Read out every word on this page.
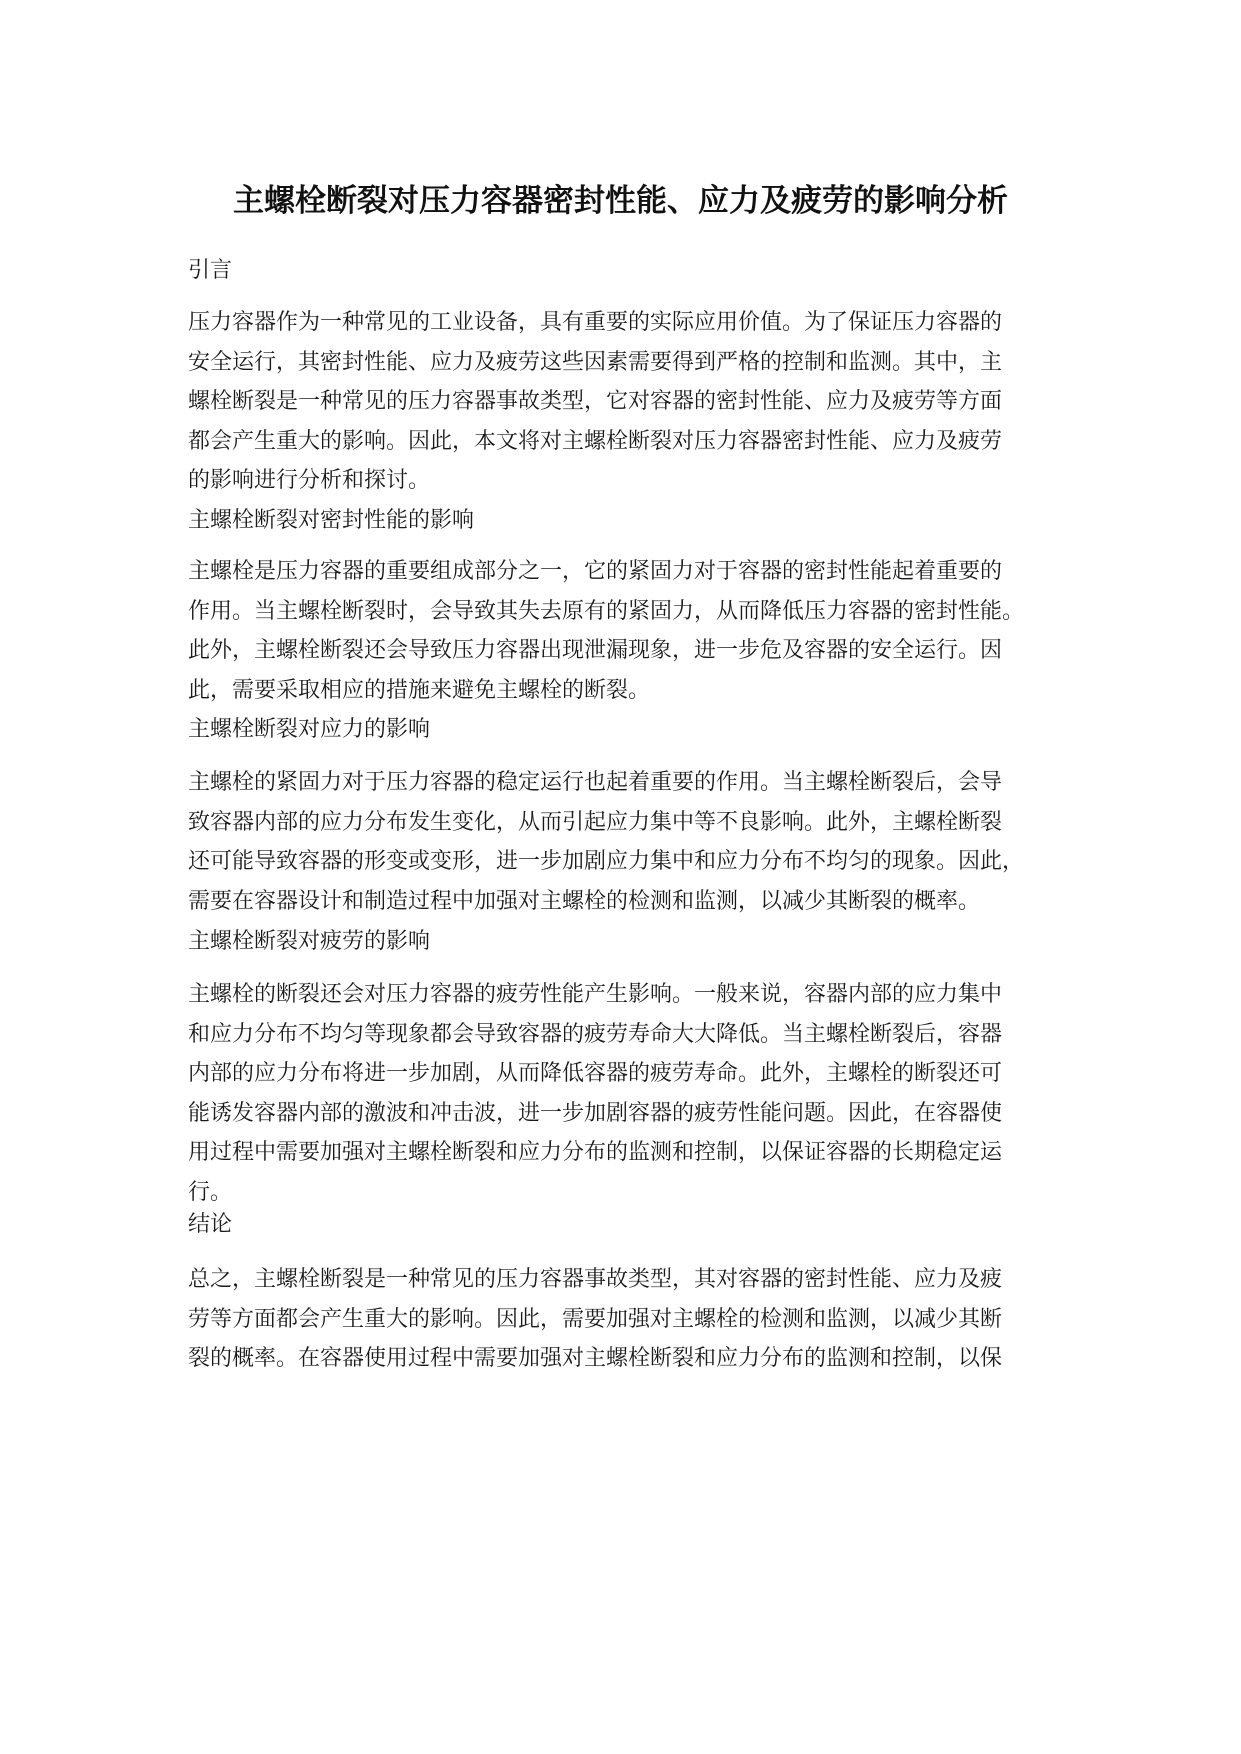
主螺栓断裂对压力容器密封性能、应力及疲劳的影响分析
引言

压力容器作为一种常见的工业设备，具有重要的实际应用价值。为了保证压力容器的
安全运行，其密封性能、应力及疲劳这些因素需要得到严格的控制和监测。其中，主
螺栓断裂是一种常见的压力容器事故类型，它对容器的密封性能、应力及疲劳等方面
都会产生重大的影响。因此，本文将对主螺栓断裂对压力容器密封性能、应力及疲劳
的影响进行分析和探讨。

主螺栓断裂对密封性能的影响

主螺栓是压力容器的重要组成部分之一，它的紧固力对于容器的密封性能起着重要的
作用。当主螺栓断裂时，会导致其失去原有的紧固力，从而降低压力容器的密封性能。
此外，主螺栓断裂还会导致压力容器出现泄漏现象，进一步危及容器的安全运行。因
此，需要采取相应的措施来避免主螺栓的断裂。

主螺栓断裂对应力的影响

主螺栓的紧固力对于压力容器的稳定运行也起着重要的作用。当主螺栓断裂后，会导
致容器内部的应力分布发生变化，从而引起应力集中等不良影响。此外，主螺栓断裂
还可能导致容器的形变或变形，进一步加剧应力集中和应力分布不均匀的现象。因此，
需要在容器设计和制造过程中加强对主螺栓的检测和监测，以减少其断裂的概率。

主螺栓断裂对疲劳的影响

主螺栓的断裂还会对压力容器的疲劳性能产生影响。一般来说，容器内部的应力集中
和应力分布不均匀等现象都会导致容器的疲劳寿命大大降低。当主螺栓断裂后，容器
内部的应力分布将进一步加剧，从而降低容器的疲劳寿命。此外，主螺栓的断裂还可
能诱发容器内部的激波和冲击波，进一步加剧容器的疲劳性能问题。因此，在容器使
用过程中需要加强对主螺栓断裂和应力分布的监测和控制，以保证容器的长期稳定运
行。

结论

总之，主螺栓断裂是一种常见的压力容器事故类型，其对容器的密封性能、应力及疲
劳等方面都会产生重大的影响。因此，需要加强对主螺栓的检测和监测，以减少其断
裂的概率。在容器使用过程中需要加强对主螺栓断裂和应力分布的监测和控制，以保
